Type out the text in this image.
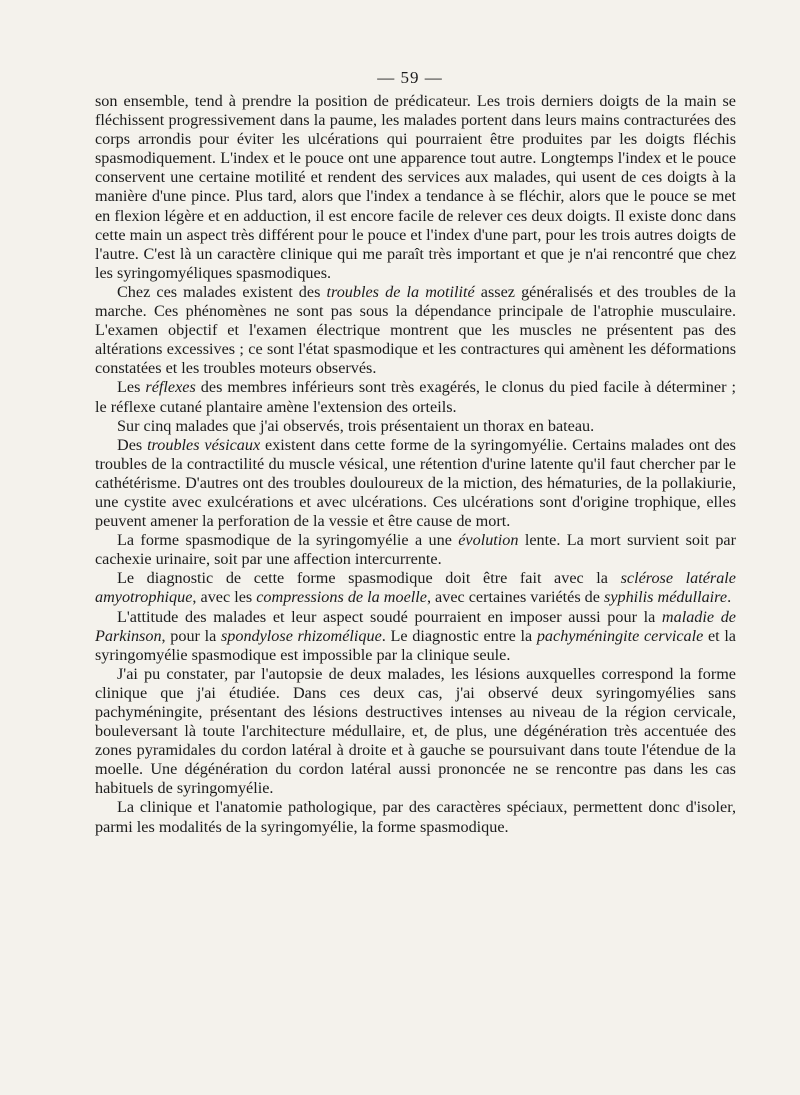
— 59 —

son ensemble, tend à prendre la position de prédicateur. Les trois derniers doigts de la main se fléchissent progressivement dans la paume, les malades portent dans leurs mains contracturées des corps arrondis pour éviter les ulcérations qui pourraient être produites par les doigts fléchis spasmodiquement. L'index et le pouce ont une apparence tout autre. Longtemps l'index et le pouce conservent une certaine motilité et rendent des services aux malades, qui usent de ces doigts à la manière d'une pince. Plus tard, alors que l'index a tendance à se fléchir, alors que le pouce se met en flexion légère et en adduction, il est encore facile de relever ces deux doigts. Il existe donc dans cette main un aspect très différent pour le pouce et l'index d'une part, pour les trois autres doigts de l'autre. C'est là un caractère clinique qui me paraît très important et que je n'ai rencontré que chez les syringomyéliques spasmodiques.

Chez ces malades existent des troubles de la motilité assez généralisés et des troubles de la marche. Ces phénomènes ne sont pas sous la dépendance principale de l'atrophie musculaire. L'examen objectif et l'examen électrique montrent que les muscles ne présentent pas des altérations excessives ; ce sont l'état spasmodique et les contractures qui amènent les déformations constatées et les troubles moteurs observés.

Les réflexes des membres inférieurs sont très exagérés, le clonus du pied facile à déterminer ; le réflexe cutané plantaire amène l'extension des orteils.

Sur cinq malades que j'ai observés, trois présentaient un thorax en bateau.

Des troubles vésicaux existent dans cette forme de la syringomyélie. Certains malades ont des troubles de la contractilité du muscle vésical, une rétention d'urine latente qu'il faut chercher par le cathétérisme. D'autres ont des troubles douloureux de la miction, des hématuries, de la pollakiurie, une cystite avec exulcérations et avec ulcérations. Ces ulcérations sont d'origine trophique, elles peuvent amener la perforation de la vessie et être cause de mort.

La forme spasmodique de la syringomyélie a une évolution lente. La mort survient soit par cachexie urinaire, soit par une affection intercurrente.

Le diagnostic de cette forme spasmodique doit être fait avec la sclérose latérale amyotrophique, avec les compressions de la moelle, avec certaines variétés de syphilis médullaire.

L'attitude des malades et leur aspect soudé pourraient en imposer aussi pour la maladie de Parkinson, pour la spondylose rhizomélique. Le diagnostic entre la pachyméningite cervicale et la syringomyélie spasmodique est impossible par la clinique seule.

J'ai pu constater, par l'autopsie de deux malades, les lésions auxquelles correspond la forme clinique que j'ai étudiée. Dans ces deux cas, j'ai observé deux syringomyélies sans pachyméningite, présentant des lésions destructives intenses au niveau de la région cervicale, bouleversant là toute l'architecture médullaire, et, de plus, une dégénération très accentuée des zones pyramidales du cordon latéral à droite et à gauche se poursuivant dans toute l'étendue de la moelle. Une dégénération du cordon latéral aussi prononcée ne se rencontre pas dans les cas habituels de syringomyélie.

La clinique et l'anatomie pathologique, par des caractères spéciaux, permettent donc d'isoler, parmi les modalités de la syringomyélie, la forme spasmodique.
